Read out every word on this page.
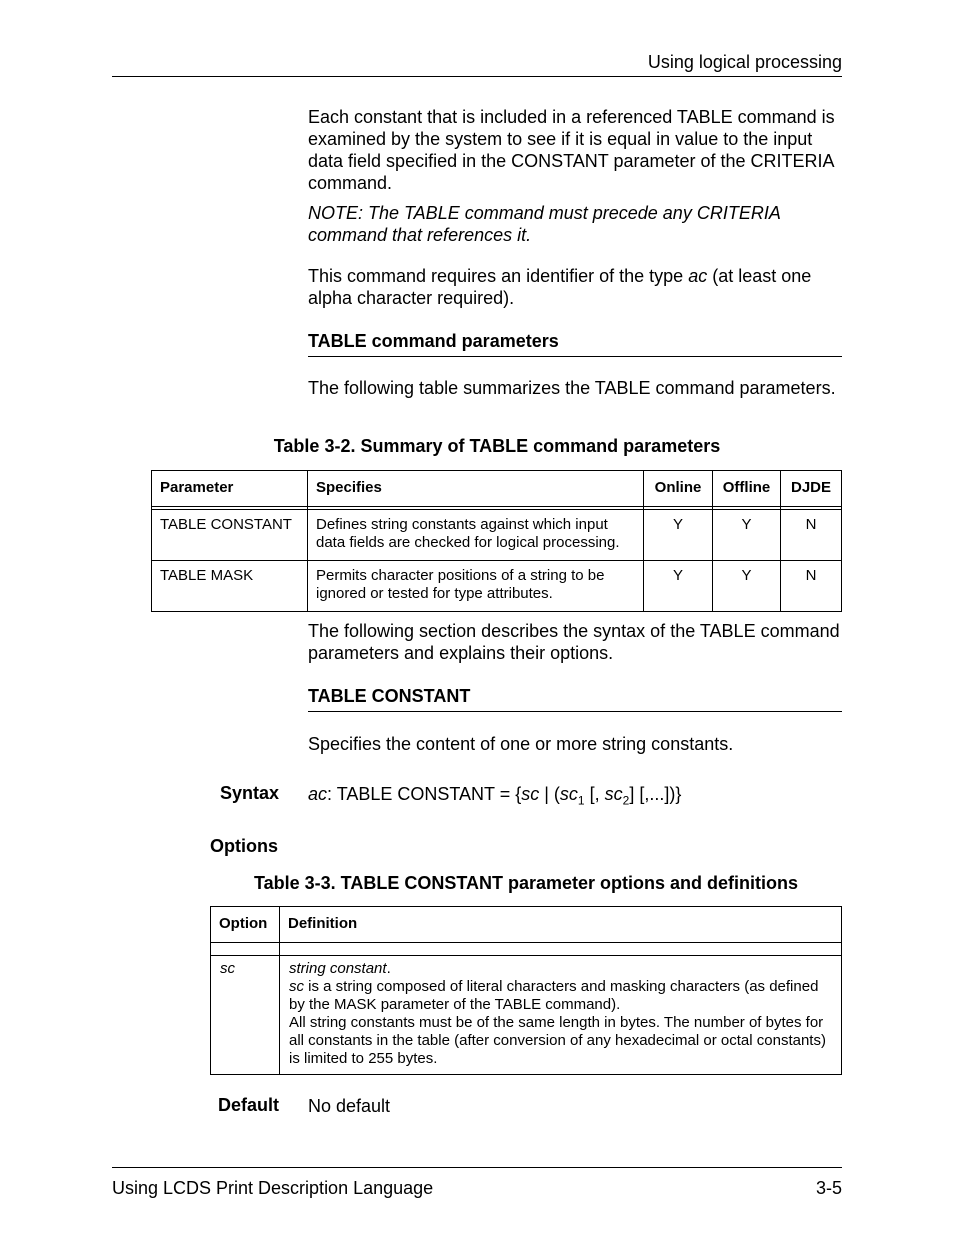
Using logical processing

Each constant that is included in a referenced TABLE command is examined by the system to see if it is equal in value to the input data field specified in the CONSTANT parameter of the CRITERIA command.

NOTE: The TABLE command must precede any CRITERIA command that references it.

This command requires an identifier of the type ac (at least one alpha character required).

TABLE command parameters

The following table summarizes the TABLE command parameters.

Table 3-2. Summary of TABLE command parameters
Parameter	Specifies	Online	Offline	DJDE

TABLE CONSTANT	Defines string constants against which input data fields are checked for logical processing.	Y	Y	N
TABLE MASK	Permits character positions of a string to be ignored or tested for type attributes.	Y	Y	N

The following section describes the syntax of the TABLE command parameters and explains their options.

TABLE CONSTANT

Specifies the content of one or more string constants.

Syntax ac: TABLE CONSTANT = {sc | ($sc_1$ [, $sc_2$] [,...])}

Options
Table 3-3. TABLE CONSTANT parameter options and definitions
Option	Definition

sc	string constant.
sc is a string composed of literal characters and masking characters (as defined by the MASK parameter of the TABLE command).
All string constants must be of the same length in bytes. The number of bytes for all constants in the table (after conversion of any hexadecimal or octal constants) is limited to 255 bytes.
Default No default

Using LCDS Print Description Language	3-5
